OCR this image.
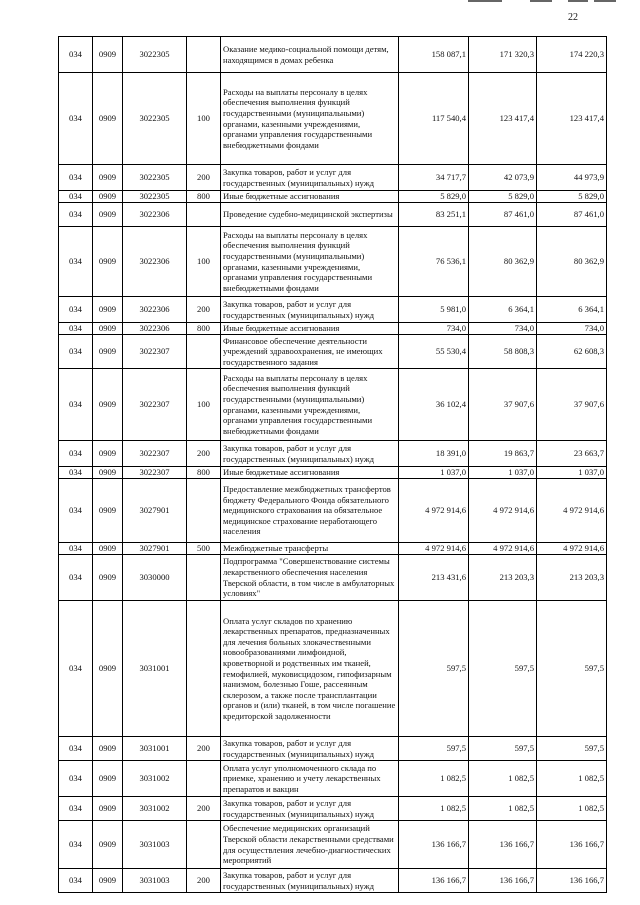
22
034	0909	3022305		Оказание медико-социальной помощи детям, находящимся в домах ребенка	158 087,1	171 320,3	174 220,3
034	0909	3022305	100	Расходы на выплаты персоналу в целях обеспечения выполнения функций государственными (муниципальными) органами, казенными учреждениями, органами управления государственными внебюджетными фондами	117 540,4	123 417,4	123 417,4
034	0909	3022305	200	Закупка товаров, работ и услуг для государственных (муниципальных) нужд	34 717,7	42 073,9	44 973,9
034	0909	3022305	800	Иные бюджетные ассигнования	5 829,0	5 829,0	5 829,0
034	0909	3022306		Проведение судебно-медицинской экспертизы	83 251,1	87 461,0	87 461,0
034	0909	3022306	100	Расходы на выплаты персоналу в целях обеспечения выполнения функций государственными (муниципальными) органами, казенными учреждениями, органами управления государственными внебюджетными фондами	76 536,1	80 362,9	80 362,9
034	0909	3022306	200	Закупка товаров, работ и услуг для государственных (муниципальных) нужд	5 981,0	6 364,1	6 364,1
034	0909	3022306	800	Иные бюджетные ассигнования	734,0	734,0	734,0
034	0909	3022307		Финансовое обеспечение деятельности учреждений здравоохранения, не имеющих государственного задания	55 530,4	58 808,3	62 608,3
034	0909	3022307	100	Расходы на выплаты персоналу в целях обеспечения выполнения функций государственными (муниципальными) органами, казенными учреждениями, органами управления государственными внебюджетными фондами	36 102,4	37 907,6	37 907,6
034	0909	3022307	200	Закупка товаров, работ и услуг для государственных (муниципальных) нужд	18 391,0	19 863,7	23 663,7
034	0909	3022307	800	Иные бюджетные ассигнования	1 037,0	1 037,0	1 037,0
034	0909	3027901		Предоставление межбюджетных трансфертов бюджету Федерального Фонда обязательного медицинского страхования на обязательное медицинское страхование неработающего населения	4 972 914,6	4 972 914,6	4 972 914,6
034	0909	3027901	500	Межбюджетные трансферты	4 972 914,6	4 972 914,6	4 972 914,6
034	0909	3030000		Подпрограмма "Совершенствование системы лекарственного обеспечения населения Тверской области, в том числе в амбулаторных условиях"	213 431,6	213 203,3	213 203,3
034	0909	3031001		Оплата услуг складов по хранению лекарственных препаратов, предназначенных для лечения больных злокачественными новообразованиями лимфоидной, кроветворной и родственных им тканей, гемофилией, муковисцидозом, гипофизарным нанизмом, болезнью Гоше, рассеянным склерозом, а также после трансплантации органов и (или) тканей, в том числе погашение кредиторской задолженности	597,5	597,5	597,5
034	0909	3031001	200	Закупка товаров, работ и услуг для государственных (муниципальных) нужд	597,5	597,5	597,5
034	0909	3031002		Оплата услуг уполномоченного склада по приемке, хранению и учету лекарственных препаратов и вакцин	1 082,5	1 082,5	1 082,5
034	0909	3031002	200	Закупка товаров, работ и услуг для государственных (муниципальных) нужд	1 082,5	1 082,5	1 082,5
034	0909	3031003		Обеспечение медицинских организаций Тверской области лекарственными средствами для осуществления лечебно-диагностических мероприятий	136 166,7	136 166,7	136 166,7
034	0909	3031003	200	Закупка товаров, работ и услуг для государственных (муниципальных) нужд	136 166,7	136 166,7	136 166,7
